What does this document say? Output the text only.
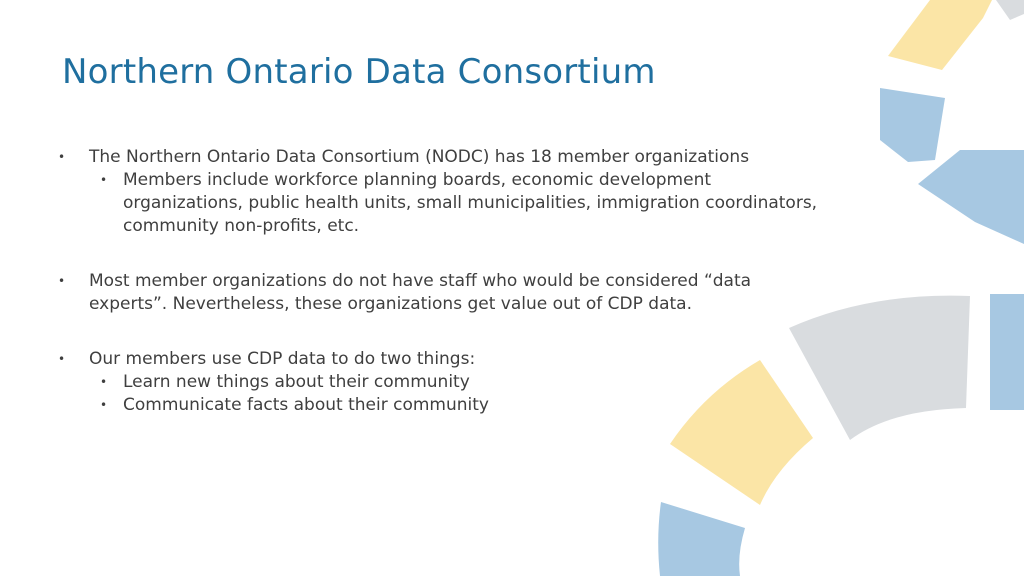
Northern Ontario Data Consortium

• The Northern Ontario Data Consortium (NODC) has 18 member organizations

• Members include workforce planning boards, economic development
organizations, public health units, small municipalities, immigration coordinators,
community non-profits, etc.

• Most member organizations do not have staff who would be considered “data
experts”. Nevertheless, these organizations get value out of CDP data.

• Our members use CDP data to do two things:

• Learn new things about their community

• Communicate facts about their community
